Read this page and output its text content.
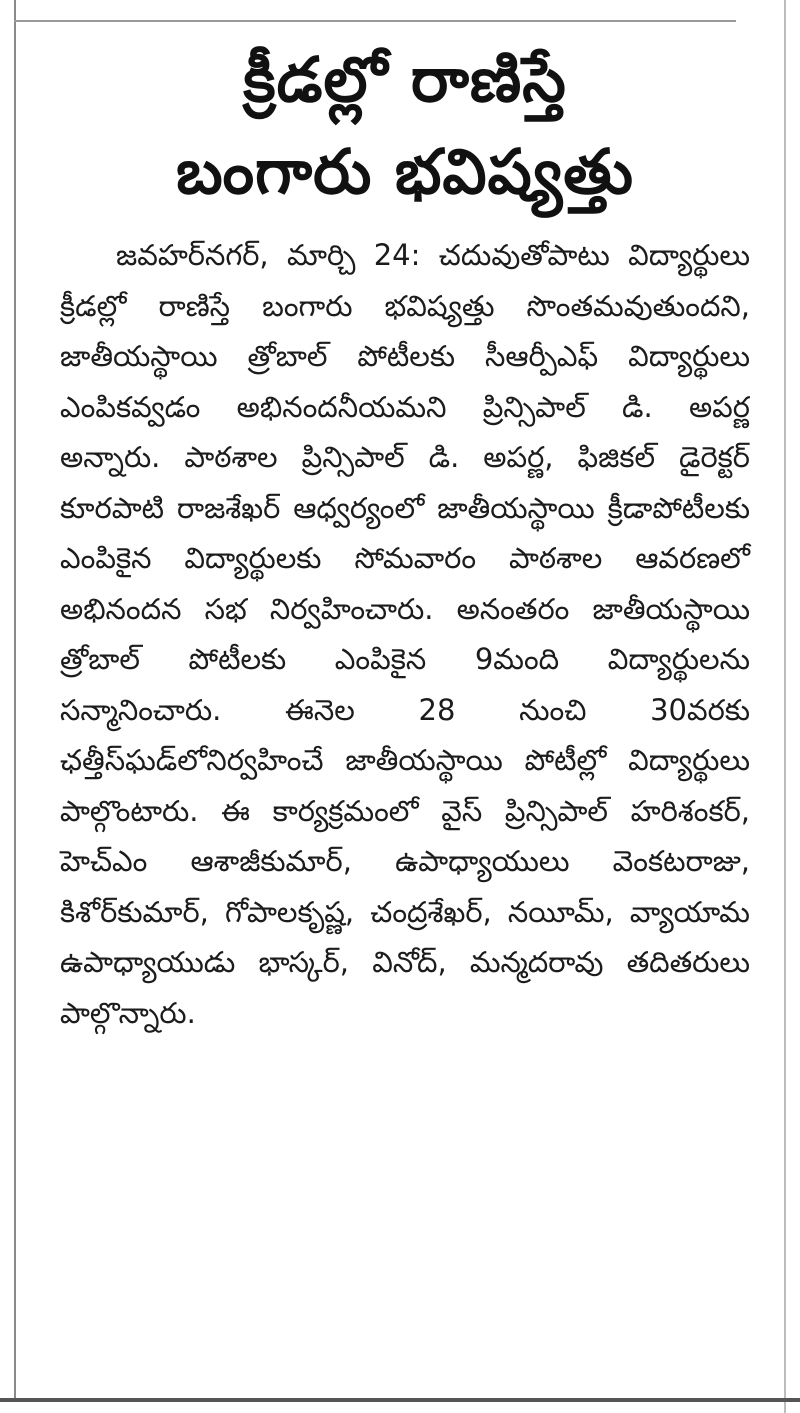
క్రీడల్లో రాణిస్తే
బంగారు భవిష్యత్తు

జవహర్‌నగర్, మార్చి 24: చదువుతోపాటు విద్యార్థులు క్రీడల్లో రాణిస్తే బంగారు భవిష్యత్తు సొంతమవుతుందని, జాతీయస్థాయి త్రోబాల్ పోటీలకు సీఆర్పీఎఫ్ విద్యార్థులు ఎంపికవ్వడం అభినందనీయమని ప్రిన్సిపాల్ డి. అపర్ణ అన్నారు. పాఠశాల ప్రిన్సిపాల్ డి. అపర్ణ, ఫిజికల్ డైరెక్టర్ కూరపాటి రాజశేఖర్ ఆధ్వర్యంలో జాతీయస్థాయి క్రీడాపోటీలకు ఎంపికైన విద్యార్థులకు సోమవారం పాఠశాల ఆవరణలో అభినందన సభ నిర్వహించారు. అనంతరం జాతీయస్థాయి త్రోబాల్ పోటీలకు ఎంపికైన 9మంది విద్యార్థులను సన్మానించారు. ఈనెల 28 నుంచి 30వరకు ఛత్తీస్‌ఘడ్‌లోనిర్వహించే జాతీయస్థాయి పోటీల్లో విద్యార్థులు పాల్గొంటారు. ఈ కార్యక్రమంలో వైస్ ప్రిన్సిపాల్ హరిశంకర్, హెచ్ఎం ఆశాజీకుమార్, ఉపాధ్యాయులు వెంకటరాజు, కిశోర్‌కుమార్, గోపాలకృష్ణ, చంద్రశేఖర్, నయీమ్, వ్యాయామ ఉపాధ్యాయుడు భాస్కర్, వినోద్, మన్మదరావు తదితరులు పాల్గొన్నారు.
